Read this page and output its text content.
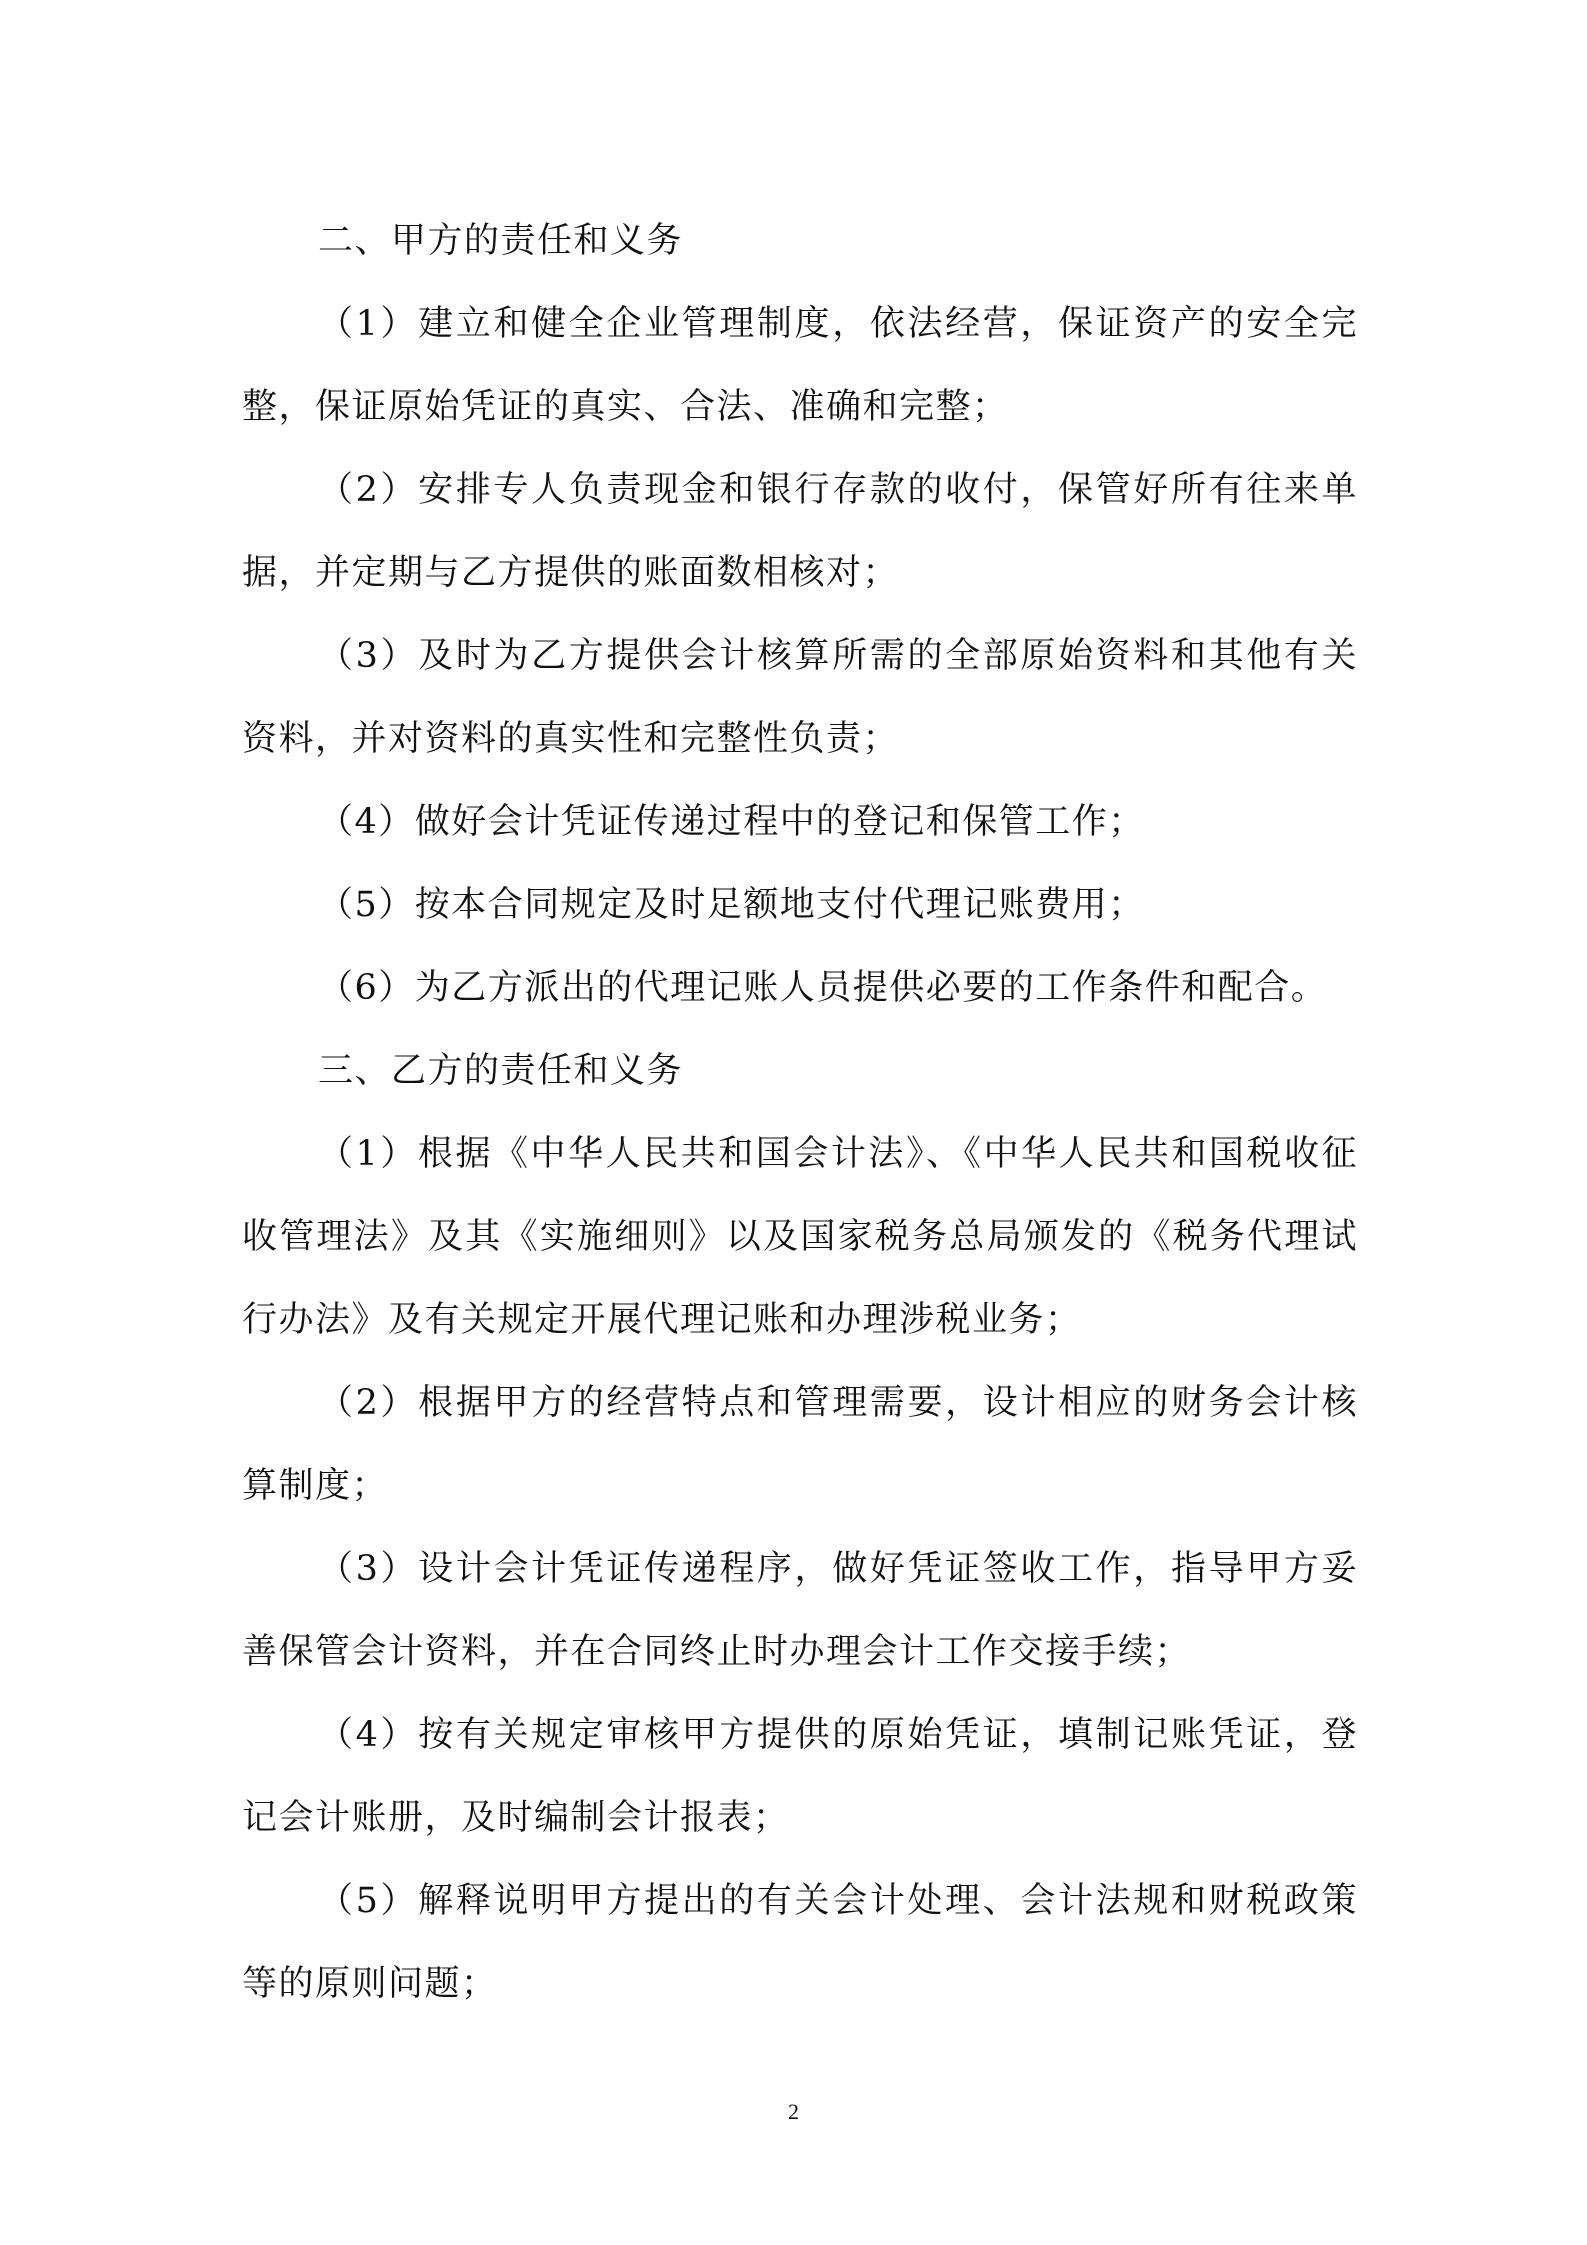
二、甲方的责任和义务

（1）建立和健全企业管理制度，依法经营，保证资产的安全完整，保证原始凭证的真实、合法、准确和完整；

（2）安排专人负责现金和银行存款的收付，保管好所有往来单据，并定期与乙方提供的账面数相核对；

（3）及时为乙方提供会计核算所需的全部原始资料和其他有关资料，并对资料的真实性和完整性负责；

（4）做好会计凭证传递过程中的登记和保管工作；

（5）按本合同规定及时足额地支付代理记账费用；

（6）为乙方派出的代理记账人员提供必要的工作条件和配合。

三、乙方的责任和义务

（1）根据《中华人民共和国会计法》、《中华人民共和国税收征收管理法》及其《实施细则》以及国家税务总局颁发的《税务代理试行办法》及有关规定开展代理记账和办理涉税业务；

（2）根据甲方的经营特点和管理需要，设计相应的财务会计核算制度；

（3）设计会计凭证传递程序，做好凭证签收工作，指导甲方妥善保管会计资料，并在合同终止时办理会计工作交接手续；

（4）按有关规定审核甲方提供的原始凭证，填制记账凭证，登记会计账册，及时编制会计报表；

（5）解释说明甲方提出的有关会计处理、会计法规和财税政策等的原则问题；

2
